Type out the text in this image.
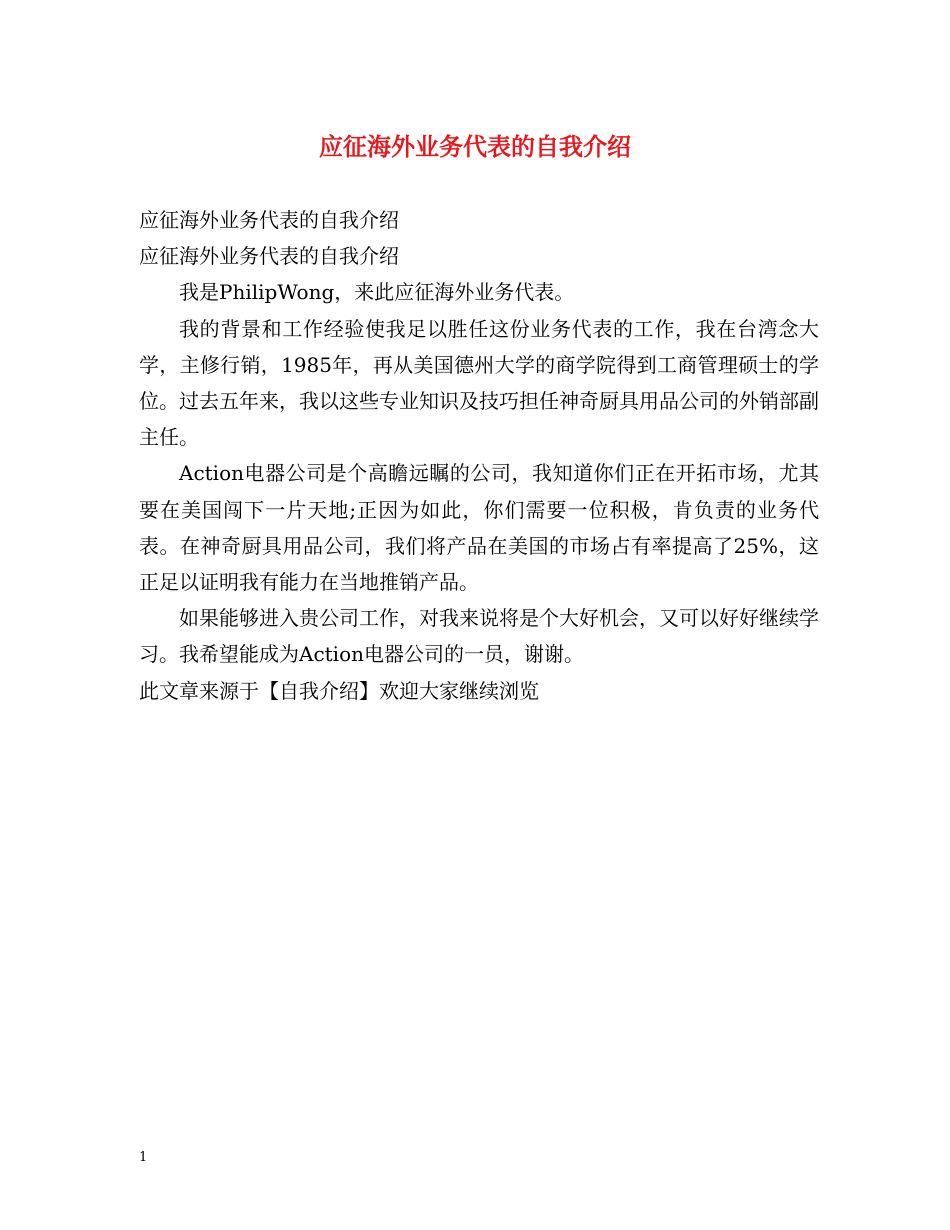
应征海外业务代表的自我介绍

应征海外业务代表的自我介绍

应征海外业务代表的自我介绍

我是PhilipWong，来此应征海外业务代表。

我的背景和工作经验使我足以胜任这份业务代表的工作，我在台湾念大学，主修行销，1985年，再从美国德州大学的商学院得到工商管理硕士的学位。过去五年来，我以这些专业知识及技巧担任神奇厨具用品公司的外销部副主任。

Action电器公司是个高瞻远瞩的公司，我知道你们正在开拓市场，尤其要在美国闯下一片天地;正因为如此，你们需要一位积极，肯负责的业务代表。在神奇厨具用品公司，我们将产品在美国的市场占有率提高了25%，这正足以证明我有能力在当地推销产品。

如果能够进入贵公司工作，对我来说将是个大好机会，又可以好好继续学习。我希望能成为Action电器公司的一员，谢谢。

此文章来源于【自我介绍】欢迎大家继续浏览

1
